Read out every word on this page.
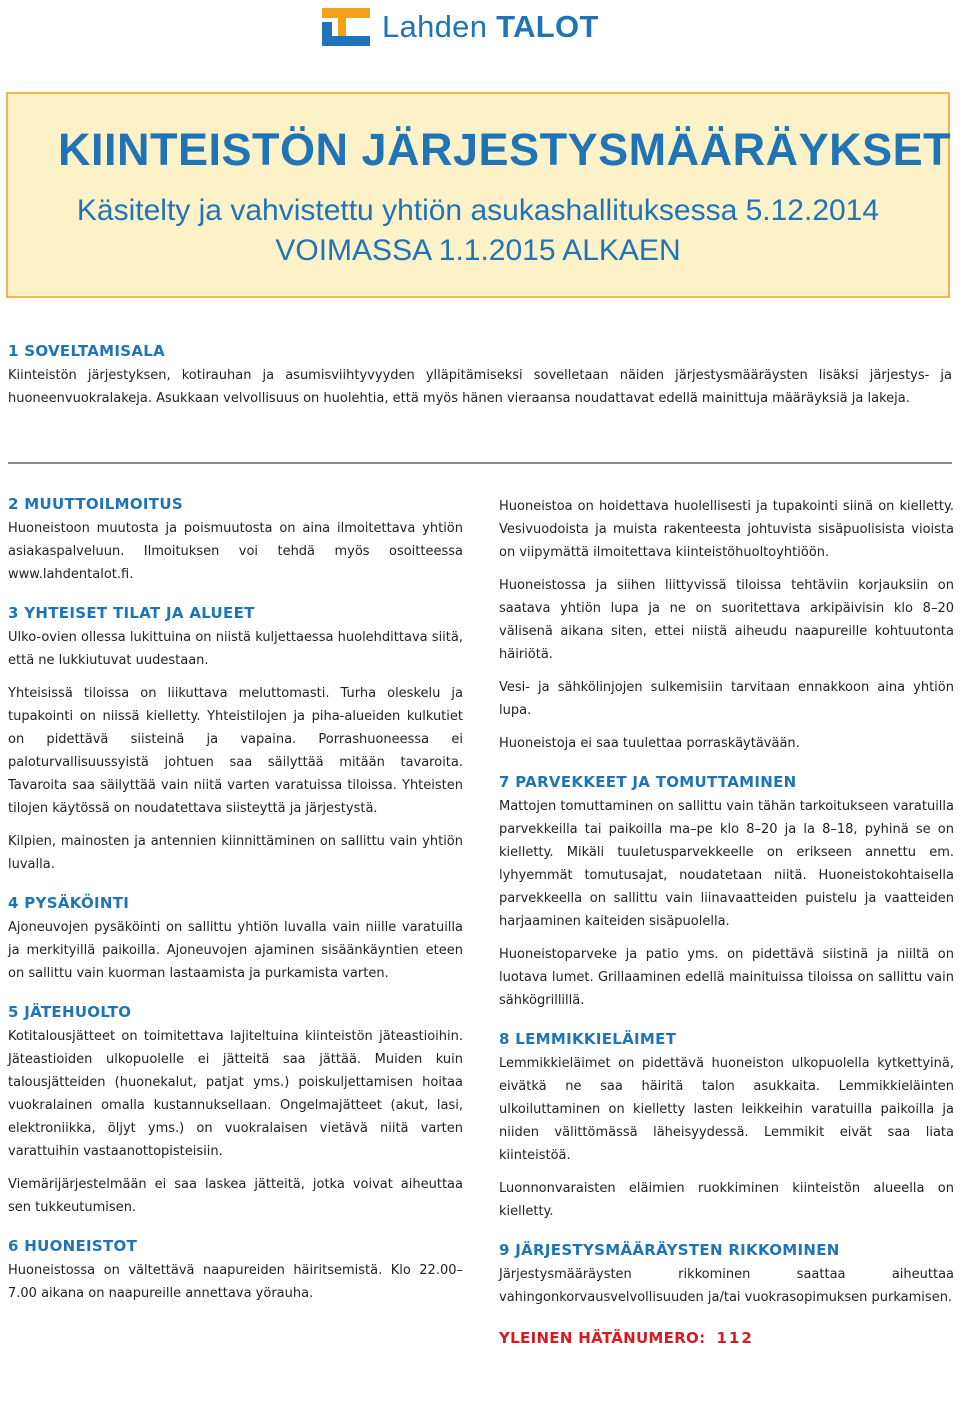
Lahden TALOT
KIINTEISTÖN JÄRJESTYSMÄÄRÄYKSET
Käsitelty ja vahvistettu yhtiön asukashallituksessa 5.12.2014
VOIMASSA 1.1.2015 ALKAEN
1 SOVELTAMISALA

Kiinteistön järjestyksen, kotirauhan ja asumisviihtyvyyden ylläpitämiseksi sovelletaan näiden järjestysmääräysten lisäksi järjestys- ja huoneenvuokralakeja. Asukkaan velvollisuus on huolehtia, että myös hänen vieraansa noudattavat edellä mainittuja määräyksiä ja lakeja.

2 MUUTTOILMOITUS

Huoneistoon muutosta ja poismuutosta on aina ilmoitettava yhtiön asiakaspalveluun. Ilmoituksen voi tehdä myös osoitteessa www.lahdentalot.fi.

3 YHTEISET TILAT JA ALUEET

Ulko-ovien ollessa lukittuina on niistä kuljettaessa huolehdittava siitä, että ne lukkiutuvat uudestaan.

Yhteisissä tiloissa on liikuttava meluttomasti. Turha oleskelu ja tupakointi on niissä kielletty. Yhteistilojen ja piha-alueiden kulkutiet on pidettävä siisteinä ja vapaina. Porrashuoneessa ei paloturvallisuussyistä johtuen saa säilyttää mitään tavaroita. Tavaroita saa säilyttää vain niitä varten varatuissa tiloissa. Yhteisten tilojen käytössä on noudatettava siisteyttä ja järjestystä.

Kilpien, mainosten ja antennien kiinnittäminen on sallittu vain yhtiön luvalla.

4 PYSÄKÖINTI

Ajoneuvojen pysäköinti on sallittu yhtiön luvalla vain niille varatuilla ja merkityillä paikoilla. Ajoneuvojen ajaminen sisäänkäyntien eteen on sallittu vain kuorman lastaamista ja purkamista varten.

5 JÄTEHUOLTO

Kotitalousjätteet on toimitettava lajiteltuina kiinteistön jäteastioihin. Jäteastioiden ulkopuolelle ei jätteitä saa jättää. Muiden kuin talousjätteiden (huonekalut, patjat yms.) poiskuljettamisen hoitaa vuokralainen omalla kustannuksellaan. Ongelmajätteet (akut, lasi, elektroniikka, öljyt yms.) on vuokralaisen vietävä niitä varten varattuihin vastaanottopisteisiin.

Viemärijärjestelmään ei saa laskea jätteitä, jotka voivat aiheuttaa sen tukkeutumisen.

6 HUONEISTOT

Huoneistossa on vältettävä naapureiden häiritsemistä. Klo 22.00–7.00 aikana on naapureille annettava yörauha.

Huoneistoa on hoidettava huolellisesti ja tupakointi siinä on kielletty. Vesivuodoista ja muista rakenteesta johtuvista sisäpuolisista vioista on viipymättä ilmoitettava kiinteistöhuoltoyhtiöön.

Huoneistossa ja siihen liittyvissä tiloissa tehtäviin korjauksiin on saatava yhtiön lupa ja ne on suoritettava arkipäivisin klo 8–20 välisenä aikana siten, ettei niistä aiheudu naapureille kohtuutonta häiriötä.

Vesi- ja sähkölinjojen sulkemisiin tarvitaan ennakkoon aina yhtiön lupa.

Huoneistoja ei saa tuulettaa porraskäytävään.

7 PARVEKKEET JA TOMUTTAMINEN

Mattojen tomuttaminen on sallittu vain tähän tarkoitukseen varatuilla parvekkeilla tai paikoilla ma–pe klo 8–20 ja la 8–18, pyhinä se on kielletty. Mikäli tuuletusparvekkeelle on erikseen annettu em. lyhyemmät tomutusajat, noudatetaan niitä. Huoneistokohtaisella parvekkeella on sallittu vain liinavaatteiden puistelu ja vaatteiden harjaaminen kaiteiden sisäpuolella.

Huoneistoparveke ja patio yms. on pidettävä siistinä ja niiltä on luotava lumet. Grillaaminen edellä mainituissa tiloissa on sallittu vain sähkögrillillä.

8 LEMMIKKIELÄIMET

Lemmikkieläimet on pidettävä huoneiston ulkopuolella kytkettyinä, eivätkä ne saa häiritä talon asukkaita. Lemmikkieläinten ulkoiluttaminen on kielletty lasten leikkeihin varatuilla paikoilla ja niiden välittömässä läheisyydessä. Lemmikit eivät saa liata kiinteistöä.

Luonnonvaraisten eläimien ruokkiminen kiinteistön alueella on kielletty.

9 JÄRJESTYSMÄÄRÄYSTEN RIKKOMINEN

Järjestysmääräysten rikkominen saattaa aiheuttaa vahingonkorvausvelvollisuuden ja/tai vuokrasopimuksen purkamisen.

YLEINEN HÄTÄNUMERO: 112
